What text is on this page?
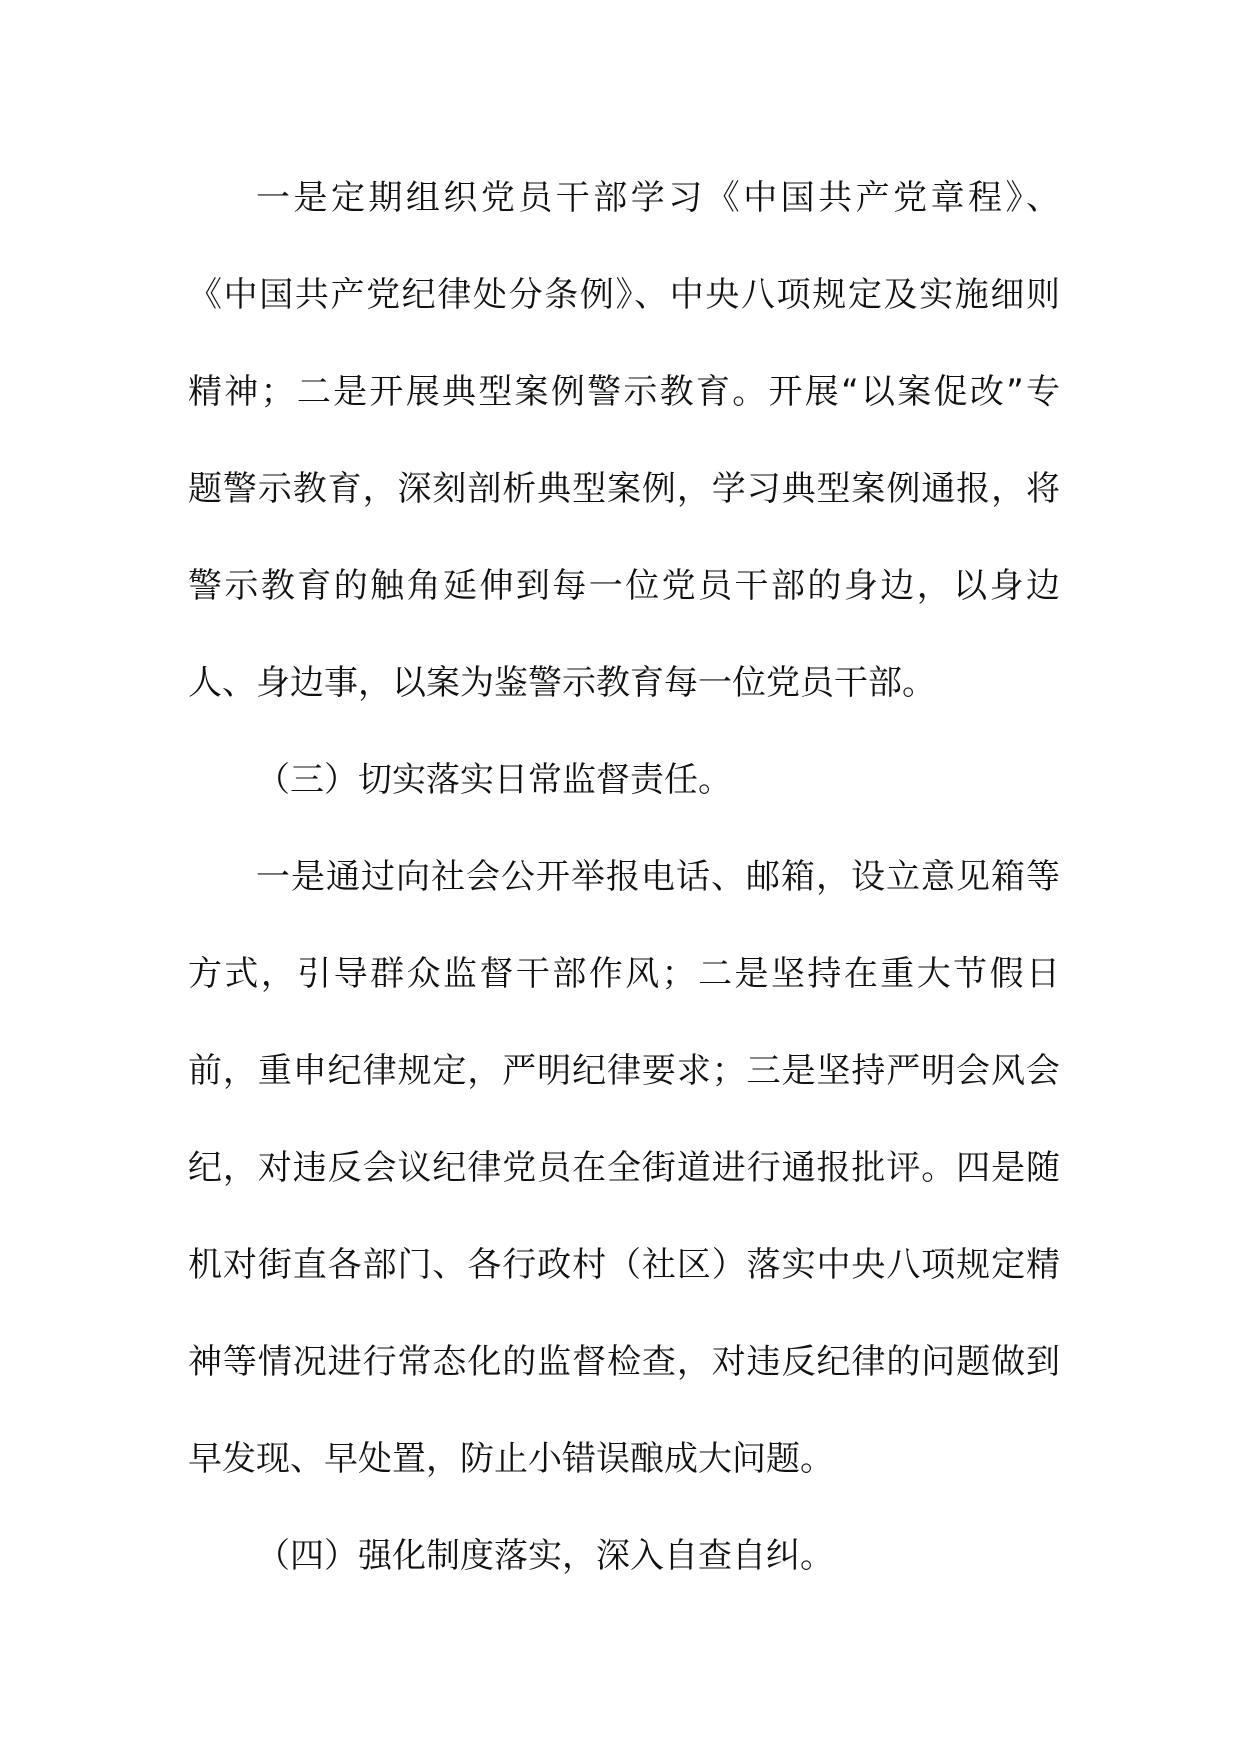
一是定期组织党员干部学习《中国共产党章程》、
《中国共产党纪律处分条例》、中央八项规定及实施细则
精神；二是开展典型案例警示教育。开展“以案促改”专
题警示教育，深刻剖析典型案例，学习典型案例通报，将
警示教育的触角延伸到每一位党员干部的身边，以身边
人、身边事，以案为鉴警示教育每一位党员干部。
（三）切实落实日常监督责任。
一是通过向社会公开举报电话、邮箱，设立意见箱等
方式，引导群众监督干部作风；二是坚持在重大节假日
前，重申纪律规定，严明纪律要求；三是坚持严明会风会
纪，对违反会议纪律党员在全街道进行通报批评。四是随
机对街直各部门、各行政村（社区）落实中央八项规定精
神等情况进行常态化的监督检查，对违反纪律的问题做到
早发现、早处置，防止小错误酿成大问题。
（四）强化制度落实，深入自查自纠。
